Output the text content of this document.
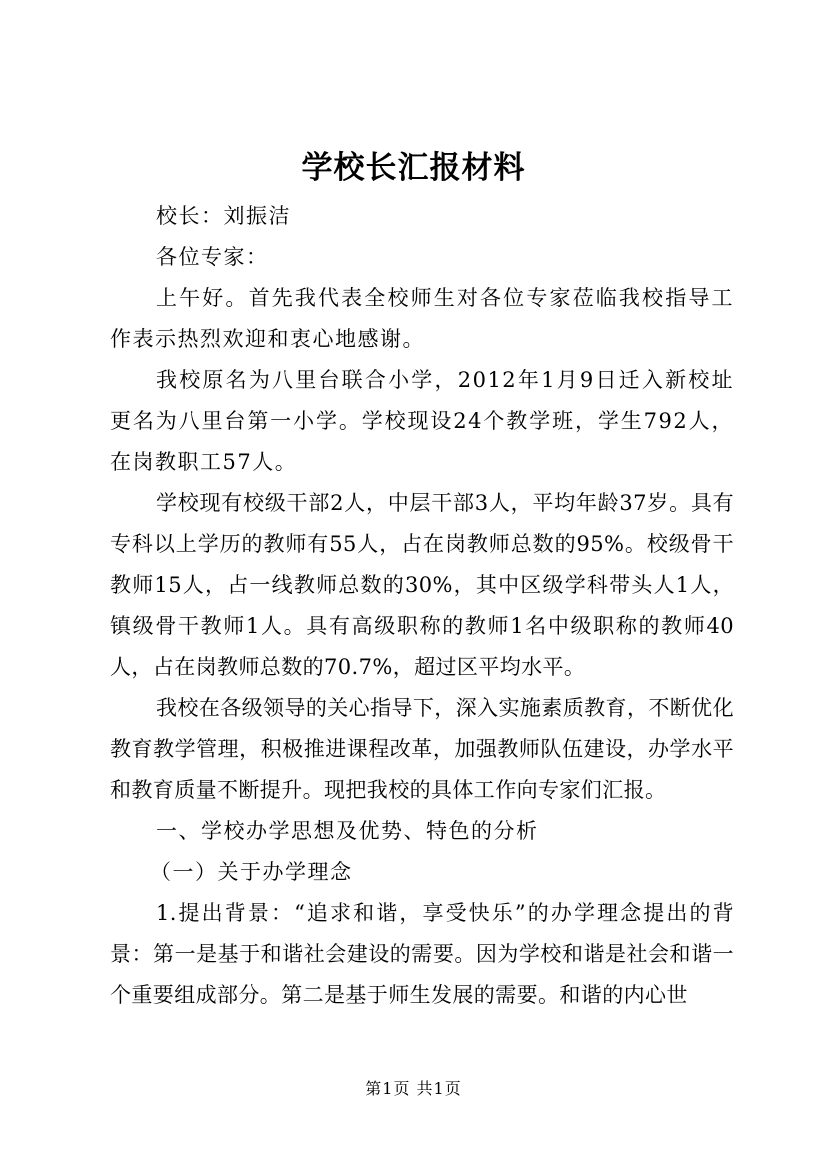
学校长汇报材料

校长：刘振洁

各位专家：

上午好。首先我代表全校师生对各位专家莅临我校指导工作表示热烈欢迎和衷心地感谢。

我校原名为八里台联合小学，2012年1月9日迁入新校址更名为八里台第一小学。学校现设24个教学班，学生792人，在岗教职工57人。

学校现有校级干部2人，中层干部3人，平均年龄37岁。具有专科以上学历的教师有55人，占在岗教师总数的95%。校级骨干教师15人，占一线教师总数的30%，其中区级学科带头人1人，镇级骨干教师1人。具有高级职称的教师1名中级职称的教师40人，占在岗教师总数的70.7%，超过区平均水平。

我校在各级领导的关心指导下，深入实施素质教育，不断优化教育教学管理，积极推进课程改革，加强教师队伍建设，办学水平和教育质量不断提升。现把我校的具体工作向专家们汇报。

一、学校办学思想及优势、特色的分析

（一）关于办学理念

1.提出背景：“追求和谐，享受快乐”的办学理念提出的背景：第一是基于和谐社会建设的需要。因为学校和谐是社会和谐一个重要组成部分。第二是基于师生发展的需要。和谐的内心世

第1页 共1页
